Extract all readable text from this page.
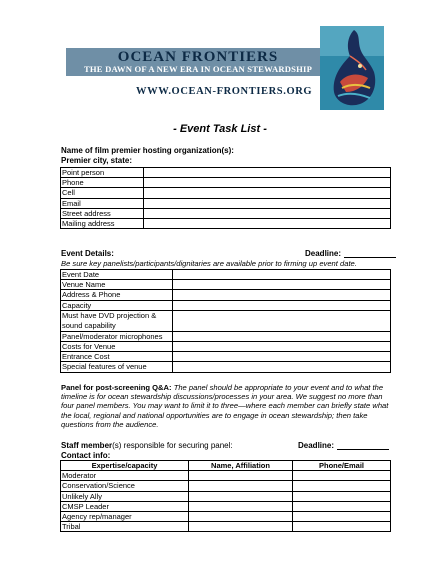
OCEAN FRONTIERS
THE DAWN OF A NEW ERA IN OCEAN STEWARDSHIP
WWW.OCEAN-FRONTIERS.ORG
- Event Task List -
Name of film premier hosting organization(s):
Premier city, state:
Point person	
Phone	
Cell	
Email	
Street address	
Mailing address	
Event Details:	Deadline:
Be sure key panelists/participants/dignitaries are available prior to firming up event date.
Event Date	
Venue Name	
Address & Phone	
Capacity	
Must have DVD projection &
sound capability	
Panel/moderator microphones	
Costs for Venue	
Entrance Cost	
Special features of venue	
Panel for post-screening Q&A: The panel should be appropriate to your event and to what the timeline is for ocean stewardship discussions/processes in your area. We suggest no more than four panel members. You may want to limit it to three—where each member can briefly state what the local, regional and national opportunities are to engage in ocean stewardship; then take questions from the audience.
Staff member(s) responsible for securing panel:	Deadline:
Contact info:
Expertise/capacity	Name, Affiliation	Phone/Email
Moderator		
Conservation/Science		
Unlikely Ally		
CMSP Leader		
Agency rep/manager		
Tribal		
